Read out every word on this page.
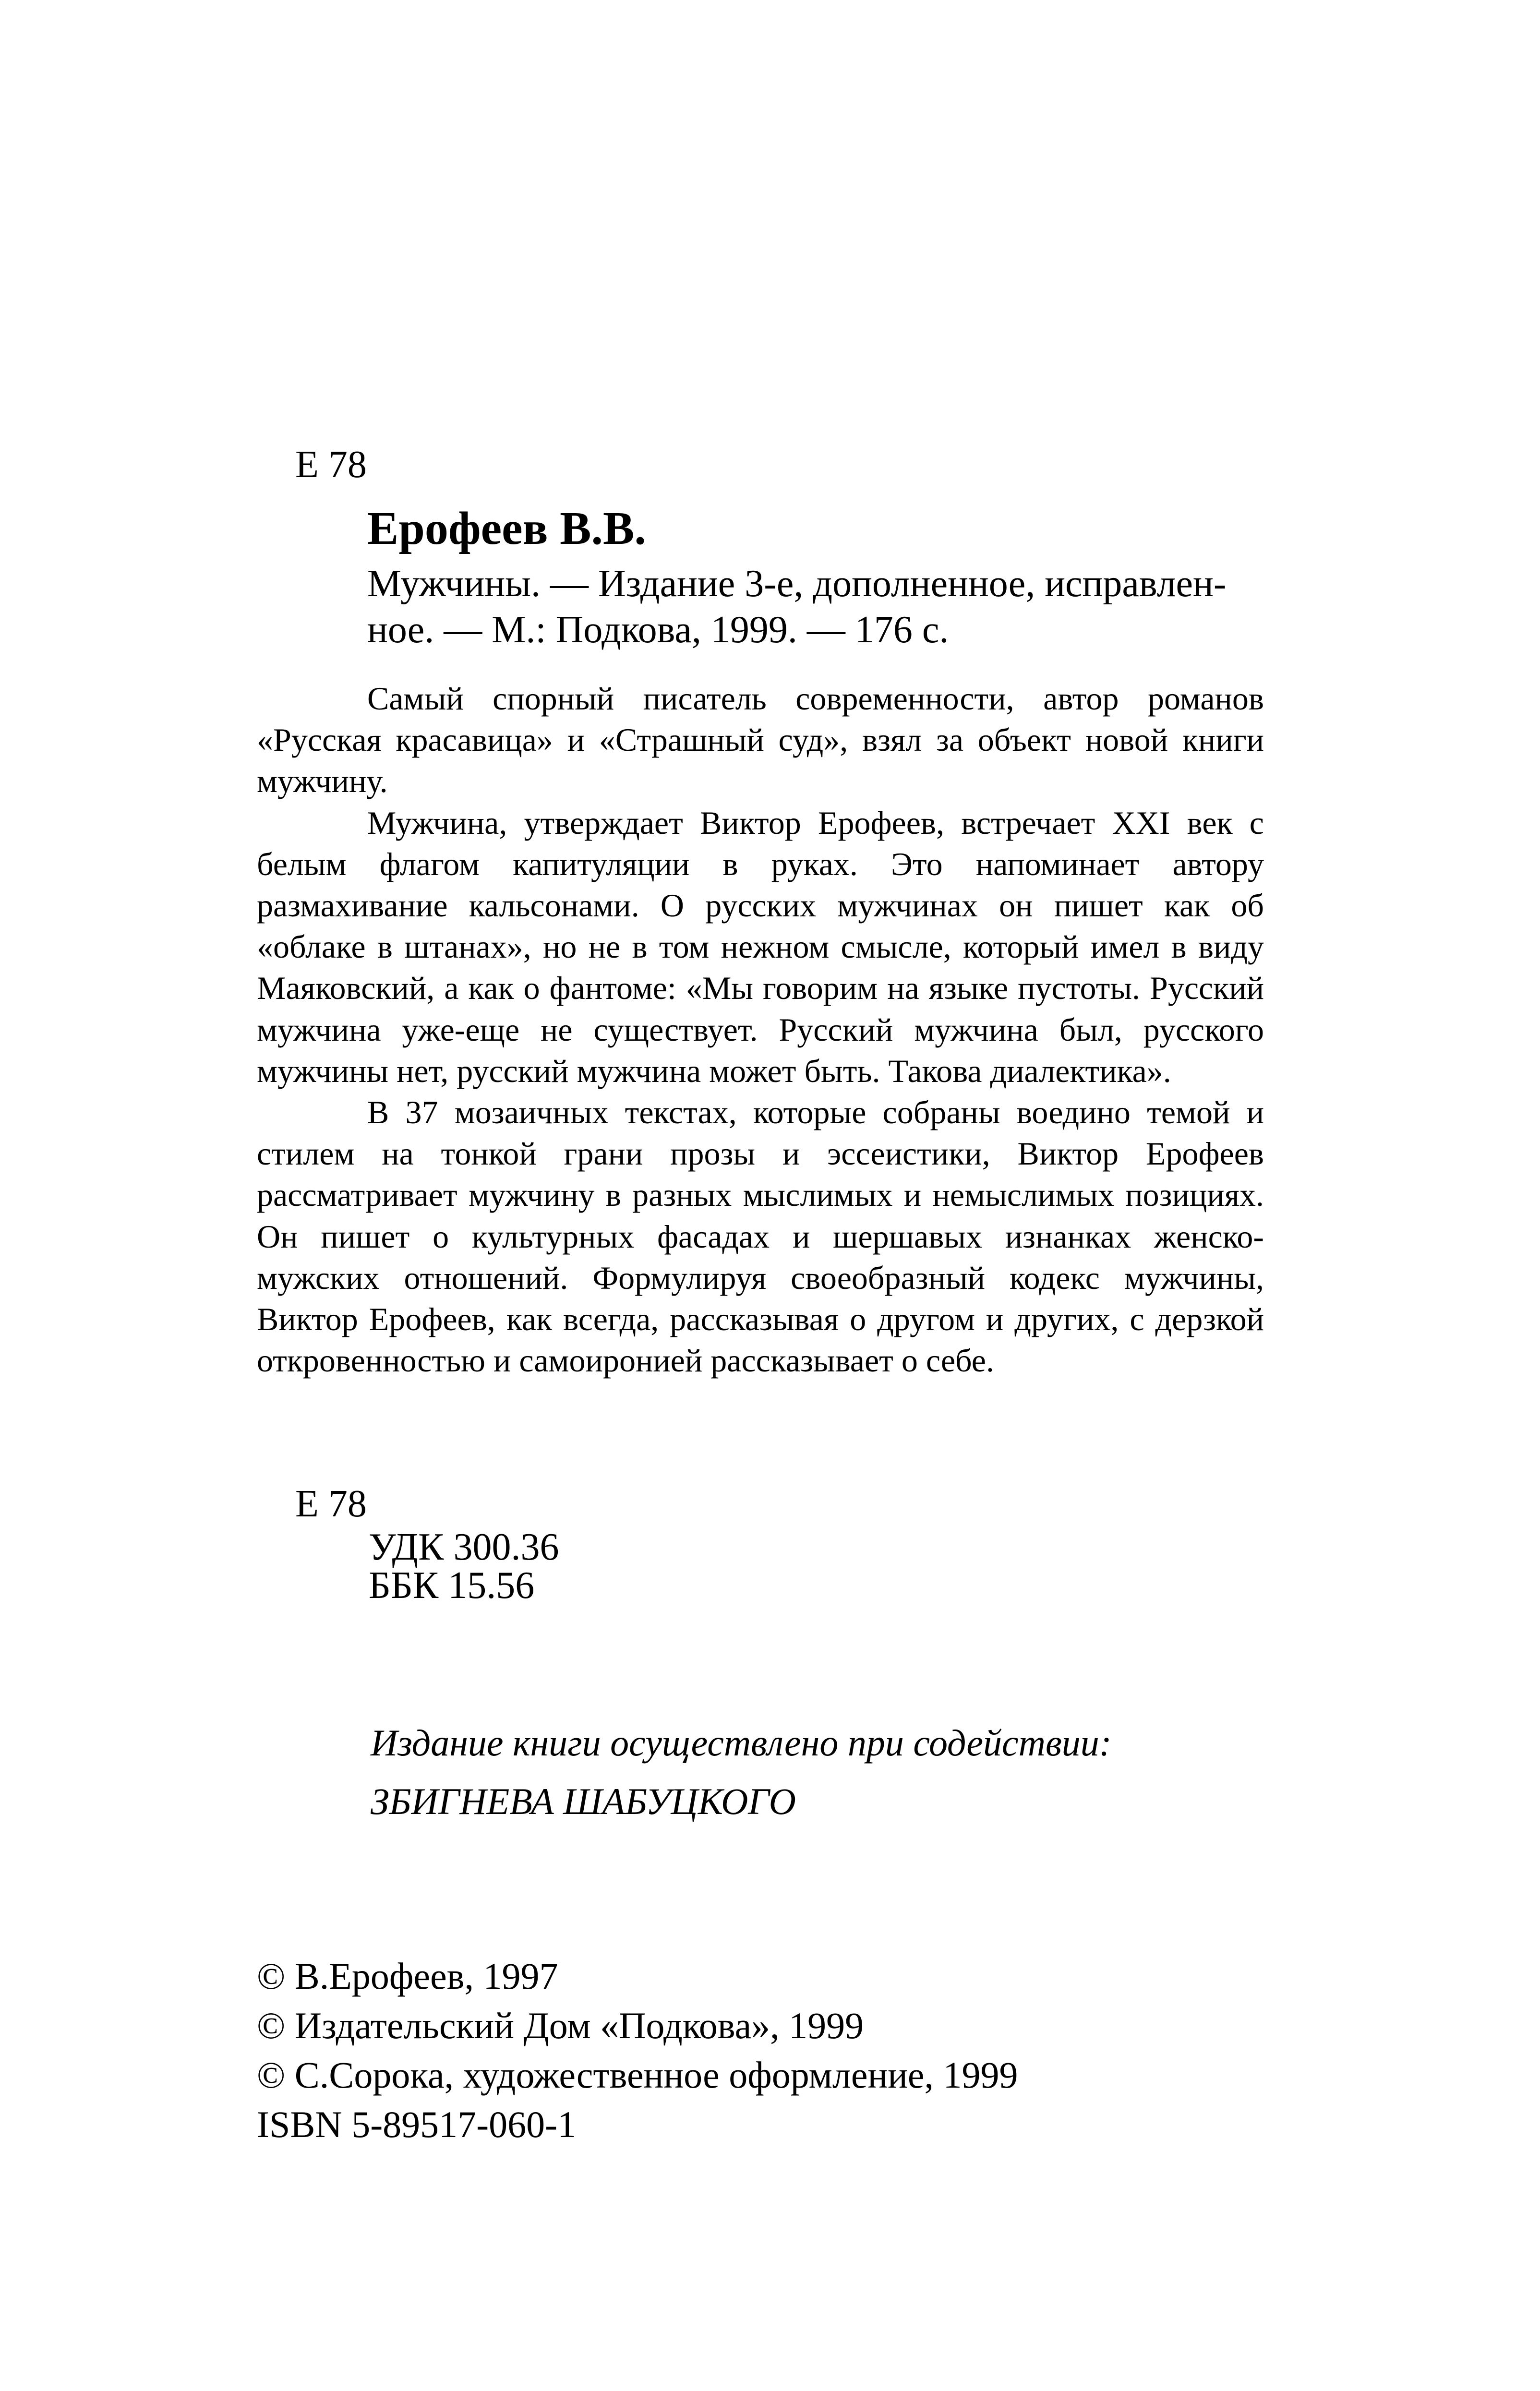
Е 78
Ерофеев В.В.
Мужчины. — Издание 3-е, дополненное, исправлен-
ное. — М.: Подкова, 1999. — 176 с.

Самый спорный писатель современности, автор романов «Русская красавица» и «Страшный суд», взял за объект новой книги мужчину.

Мужчина, утверждает Виктор Ерофеев, встречает XXI век с белым флагом капитуляции в руках. Это напоминает автору размахивание кальсонами. О русских мужчинах он пишет как об «облаке в штанах», но не в том нежном смысле, который имел в виду Маяковский, а как о фантоме: «Мы говорим на языке пустоты. Русский мужчина уже-еще не существует. Русский мужчина был, русского мужчины нет, русский мужчина может быть. Такова диалектика».

В 37 мозаичных текстах, которые собраны воедино темой и стилем на тонкой грани прозы и эссеистики, Виктор Ерофеев рассматривает мужчину в разных мыслимых и немыслимых позициях. Он пишет о культурных фасадах и шершавых изнанках женско-мужских отношений. Формулируя своеобразный кодекс мужчины, Виктор Ерофеев, как всегда, рассказывая о другом и других, с дерзкой откровенностью и самоиронией рассказывает о себе.

Е 78
УДК 300.36
ББК 15.56
Издание книги осуществлено при содействии:
ЗБИГНЕВА ШАБУЦКОГО
© В.Ерофеев, 1997
© Издательский Дом «Подкова», 1999
© С.Сорока, художественное оформление, 1999
ISBN 5-89517-060-1
